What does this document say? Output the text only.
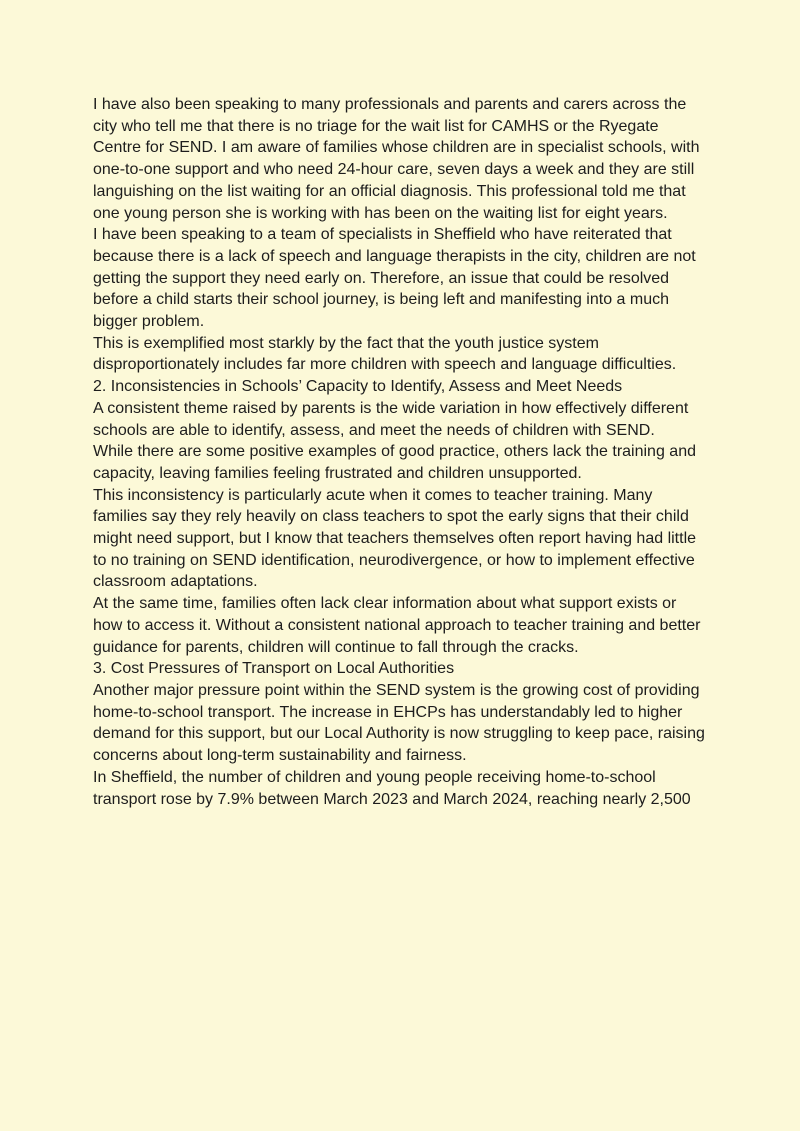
I have also been speaking to many professionals and parents and carers across the city who tell me that there is no triage for the wait list for CAMHS or the Ryegate Centre for SEND. I am aware of families whose children are in specialist schools, with one-to-one support and who need 24-hour care, seven days a week and they are still languishing on the list waiting for an official diagnosis. This professional told me that one young person she is working with has been on the waiting list for eight years.

I have been speaking to a team of specialists in Sheffield who have reiterated that because there is a lack of speech and language therapists in the city, children are not getting the support they need early on. Therefore, an issue that could be resolved before a child starts their school journey, is being left and manifesting into a much bigger problem.

This is exemplified most starkly by the fact that the youth justice system disproportionately includes far more children with speech and language difficulties.

2. Inconsistencies in Schools’ Capacity to Identify, Assess and Meet Needs

A consistent theme raised by parents is the wide variation in how effectively different schools are able to identify, assess, and meet the needs of children with SEND.

While there are some positive examples of good practice, others lack the training and capacity, leaving families feeling frustrated and children unsupported.

This inconsistency is particularly acute when it comes to teacher training. Many families say they rely heavily on class teachers to spot the early signs that their child might need support, but I know that teachers themselves often report having had little to no training on SEND identification, neurodivergence, or how to implement effective classroom adaptations.

At the same time, families often lack clear information about what support exists or how to access it. Without a consistent national approach to teacher training and better guidance for parents, children will continue to fall through the cracks.

3. Cost Pressures of Transport on Local Authorities

Another major pressure point within the SEND system is the growing cost of providing home-to-school transport. The increase in EHCPs has understandably led to higher demand for this support, but our Local Authority is now struggling to keep pace, raising concerns about long-term sustainability and fairness.

In Sheffield, the number of children and young people receiving home-to-school transport rose by 7.9% between March 2023 and March 2024, reaching nearly 2,500
